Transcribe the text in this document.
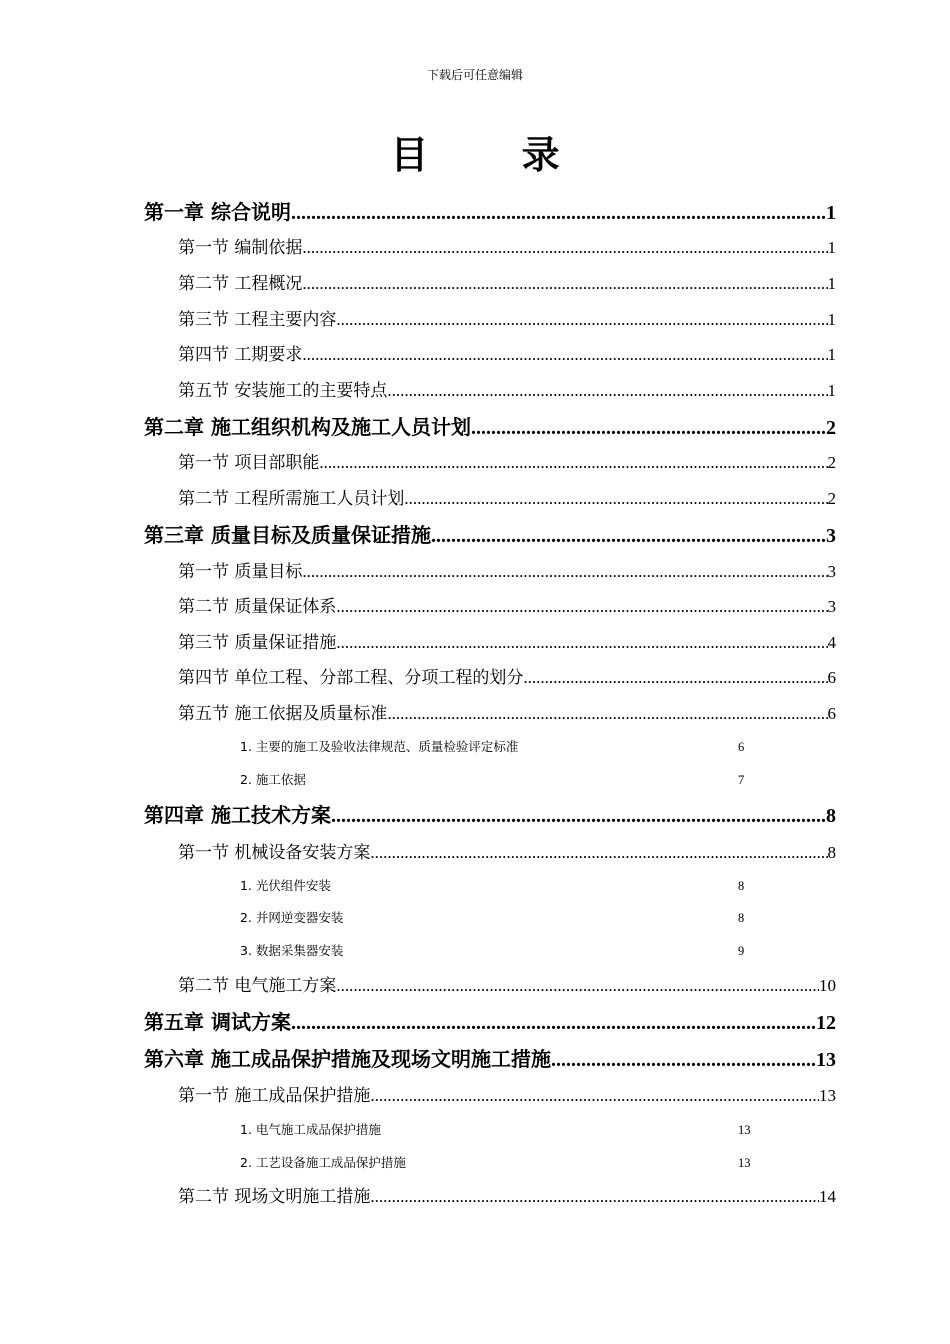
下载后可任意编辑
目 录
第一章 综合说明 .....	1
第一节 编制依据 .....	1
第二节 工程概况 .....	1
第三节 工程主要内容 .....	1
第四节 工期要求 .....	1
第五节 安装施工的主要特点 .....	1
第二章 施工组织机构及施工人员计划 .....	2
第一节 项目部职能 .....	2
第二节 工程所需施工人员计划 .....	2
第三章 质量目标及质量保证措施 .....	3
第一节 质量目标 .....	3
第二节 质量保证体系 .....	3
第三节 质量保证措施 .....	4
第四节 单位工程、分部工程、分项工程的划分 .....	6
第五节 施工依据及质量标准 .....	6
1. 主要的施工及验收法律规范、质量检验评定标准	6
2. 施工依据	7
第四章 施工技术方案 .....	8
第一节 机械设备安装方案 .....	8
1. 光伏组件安装	8
2. 并网逆变器安装	8
3. 数据采集器安装	9
第二节 电气施工方案 .....	10
第五章 调试方案 .....	12
第六章 施工成品保护措施及现场文明施工措施 .....	13
第一节 施工成品保护措施 .....	13
1. 电气施工成品保护措施	13
2. 工艺设备施工成品保护措施	13
第二节 现场文明施工措施 .....	14
